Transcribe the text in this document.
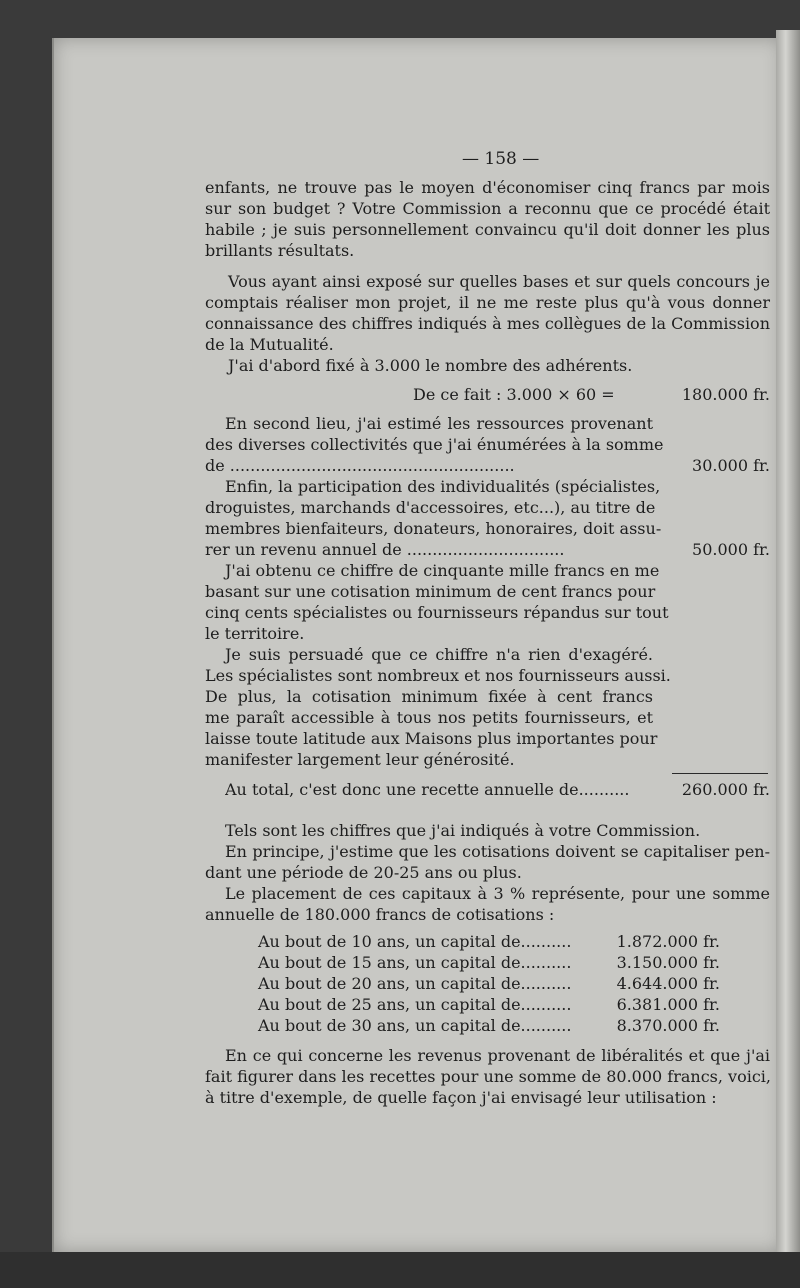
— 158 —
enfants, ne trouve pas le moyen d'économiser cinq francs par mois
sur son budget ? Votre Commission a reconnu que ce procédé était
habile ; je suis personnellement convaincu qu'il doit donner les plus
brillants résultats.
Vous ayant ainsi exposé sur quelles bases et sur quels concours je
comptais réaliser mon projet, il ne me reste plus qu'à vous donner
connaissance des chiffres indiqués à mes collègues de la Commission
de la Mutualité.
J'ai d'abord fixé à 3.000 le nombre des adhérents.
De ce fait : 3.000 × 60 =	180.000 fr.
En second lieu, j'ai estimé les ressources provenant
des diverses collectivités que j'ai énumérées à la somme
de ........................................................	30.000 fr.
Enfin, la participation des individualités (spécialistes,
droguistes, marchands d'accessoires, etc...), au titre de
membres bienfaiteurs, donateurs, honoraires, doit assu-
rer un revenu annuel de ...............................	50.000 fr.
J'ai obtenu ce chiffre de cinquante mille francs en me
basant sur une cotisation minimum de cent francs pour
cinq cents spécialistes ou fournisseurs répandus sur tout
le territoire.
Je suis persuadé que ce chiffre n'a rien d'exagéré.
Les spécialistes sont nombreux et nos fournisseurs aussi.
De plus, la cotisation minimum fixée à cent francs
me paraît accessible à tous nos petits fournisseurs, et
laisse toute latitude aux Maisons plus importantes pour
manifester largement leur générosité.
Au total, c'est donc une recette annuelle de..........	260.000 fr.
Tels sont les chiffres que j'ai indiqués à votre Commission.
En principe, j'estime que les cotisations doivent se capitaliser pen-
dant une période de 20-25 ans ou plus.
Le placement de ces capitaux à 3 % représente, pour une somme
annuelle de 180.000 francs de cotisations :
Au bout de 10 ans, un capital de..........	1.872.000 fr.
Au bout de 15 ans, un capital de..........	3.150.000 fr.
Au bout de 20 ans, un capital de..........	4.644.000 fr.
Au bout de 25 ans, un capital de..........	6.381.000 fr.
Au bout de 30 ans, un capital de..........	8.370.000 fr.
En ce qui concerne les revenus provenant de libéralités et que j'ai
fait figurer dans les recettes pour une somme de 80.000 francs, voici,
à titre d'exemple, de quelle façon j'ai envisagé leur utilisation :
